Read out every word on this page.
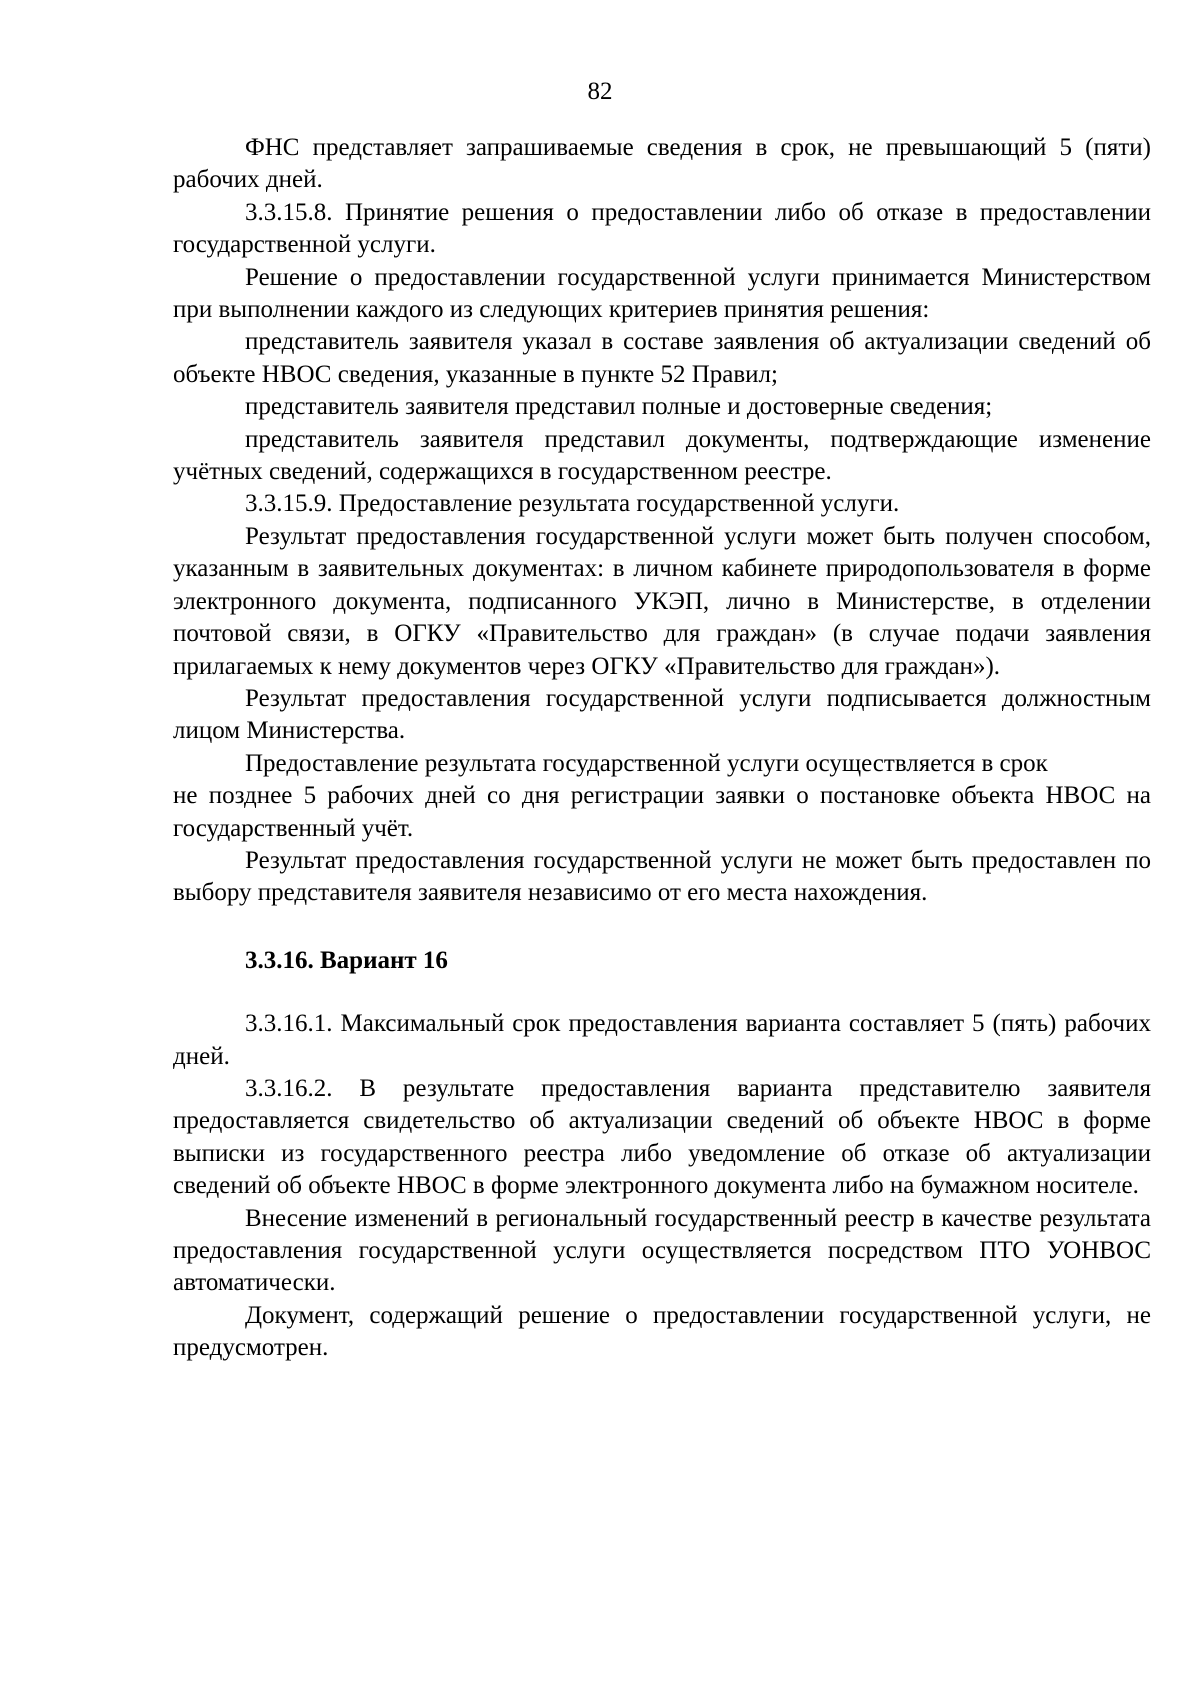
82

ФНС представляет запрашиваемые сведения в срок, не превышающий 5 (пяти) рабочих дней.

3.3.15.8. Принятие решения о предоставлении либо об отказе в предоставлении государственной услуги.

Решение о предоставлении государственной услуги принимается Министерством при выполнении каждого из следующих критериев принятия решения:

представитель заявителя указал в составе заявления об актуализации сведений об объекте НВОС сведения, указанные в пункте 52 Правил;

представитель заявителя представил полные и достоверные сведения;

представитель заявителя представил документы, подтверждающие изменение учётных сведений, содержащихся в государственном реестре.

3.3.15.9. Предоставление результата государственной услуги.

Результат предоставления государственной услуги может быть получен способом, указанным в заявительных документах: в личном кабинете природопользователя в форме электронного документа, подписанного УКЭП, лично в Министерстве, в отделении почтовой связи, в ОГКУ «Правительство для граждан» (в случае подачи заявления прилагаемых к нему документов через ОГКУ «Правительство для граждан»).

Результат предоставления государственной услуги подписывается должностным лицом Министерства.

Предоставление результата государственной услуги осуществляется в срок

не позднее 5 рабочих дней со дня регистрации заявки о постановке объекта НВОС на государственный учёт.

Результат предоставления государственной услуги не может быть предоставлен по выбору представителя заявителя независимо от его места нахождения.

3.3.16. Вариант 16

3.3.16.1. Максимальный срок предоставления варианта составляет 5 (пять) рабочих дней.

3.3.16.2. В результате предоставления варианта представителю заявителя предоставляется свидетельство об актуализации сведений об объекте НВОС в форме выписки из государственного реестра либо уведомление об отказе об актуализации сведений об объекте НВОС в форме электронного документа либо на бумажном носителе.

Внесение изменений в региональный государственный реестр в качестве результата предоставления государственной услуги осуществляется посредством ПТО УОНВОС автоматически.

Документ, содержащий решение о предоставлении государственной услуги, не предусмотрен.
